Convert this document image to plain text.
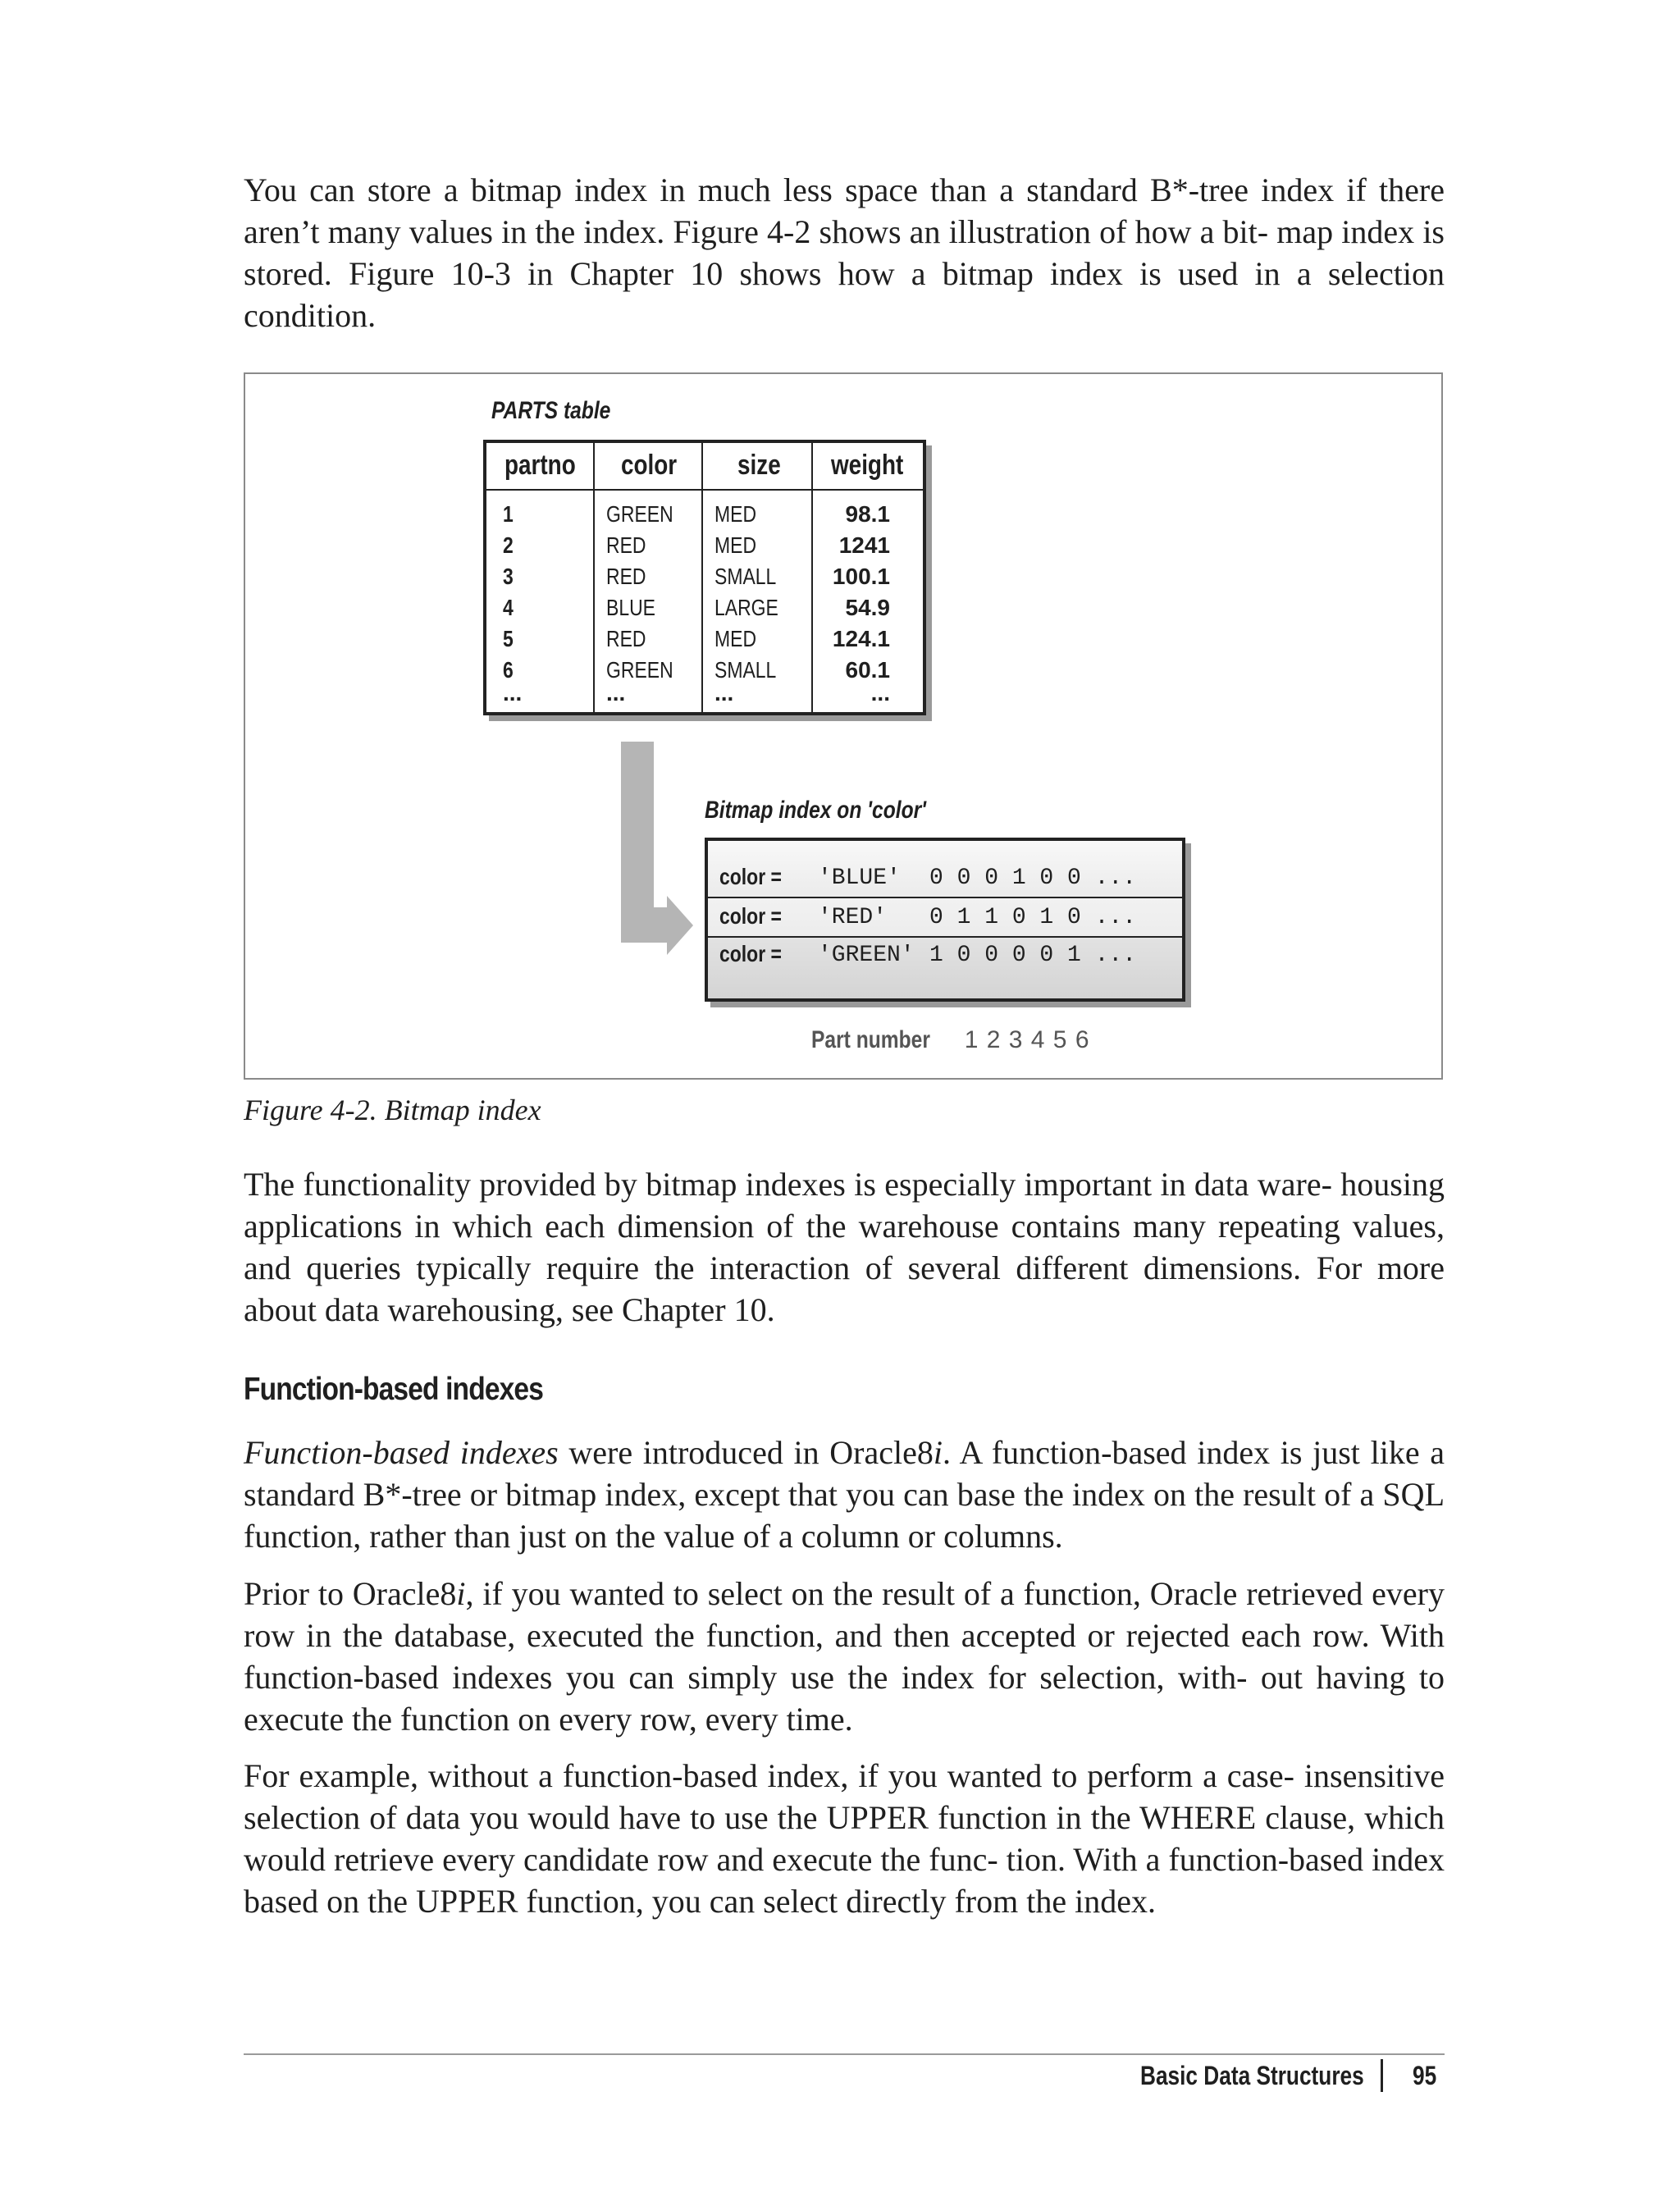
You can store a bitmap index in much less space than a standard B*-tree index if there aren’t many values in the index. Figure 4-2 shows an illustration of how a bit- map index is stored. Figure 10-3 in Chapter 10 shows how a bitmap index is used in a selection condition.

PARTS table
partno	color	size	weight
1	GREEN	MED	98.1
2	RED	MED	1241
3	RED	SMALL	100.1
4	BLUE	LARGE	54.9
5	RED	MED	124.1
6	GREEN	SMALL	60.1
...	...	...	...
Bitmap index on 'color'
color =	'BLUE' 0 0 0 1 0 0 ...
color =	'RED' 0 1 1 0 1 0 ...
color =	'GREEN' 1 0 0 0 0 1 ...
Part number 1 2 3 4 5 6
Figure 4-2. Bitmap index

The functionality provided by bitmap indexes is especially important in data ware- housing applications in which each dimension of the warehouse contains many repeating values, and queries typically require the interaction of several different dimensions. For more about data warehousing, see Chapter 10.

Function-based indexes

Function-based indexes were introduced in Oracle8i. A function-based index is just like a standard B*-tree or bitmap index, except that you can base the index on the result of a SQL function, rather than just on the value of a column or columns.

Prior to Oracle8i, if you wanted to select on the result of a function, Oracle retrieved every row in the database, executed the function, and then accepted or rejected each row. With function-based indexes you can simply use the index for selection, with- out having to execute the function on every row, every time.

For example, without a function-based index, if you wanted to perform a case- insensitive selection of data you would have to use the UPPER function in the WHERE clause, which would retrieve every candidate row and execute the func- tion. With a function-based index based on the UPPER function, you can select directly from the index.

Basic Data Structures	95
